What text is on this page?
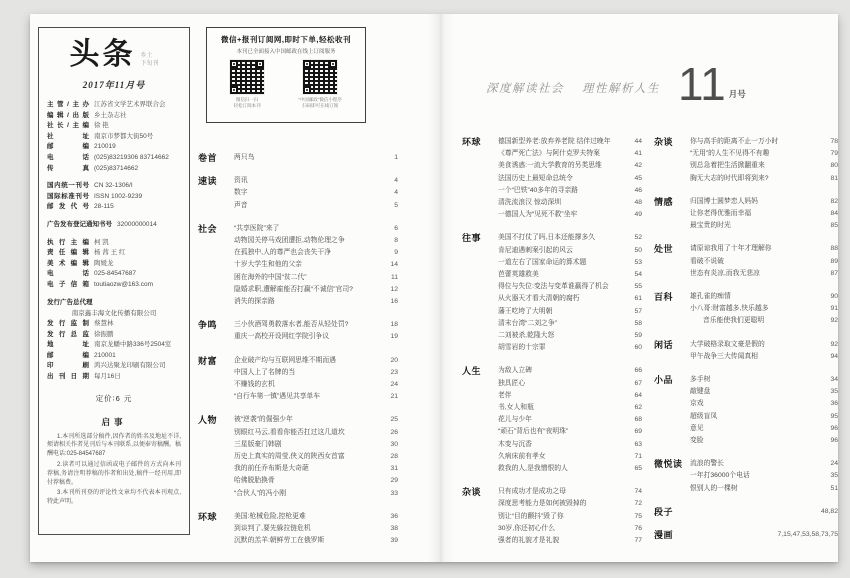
头条 乡土
下旬刊
2017年11月号
主管/主办 江苏省文学艺术界联合会
编辑/出版 乡土杂志社
社长/主编 徐 艳
社址 南京市梦都大街50号
邮编 210019
电话 (025)83219306 83714662
传真 (025)83714662
国内统一刊号 CN 32-1306/I
国际标准刊号 ISSN 1002-9239
邮发代号 28-115
广告发布登记通知书号 32000000014
执行主编 柯 凯
责任编辑 杨 茜 王 红
美术编辑 陶媛龙
电话 025-84547687
电子信箱 toutiaozw@163.com
发行广告总代理
南京鑫丰海文化传播有限公司
发行监制 蔡慧林
发行总监 徐振鹏
地址 南京龙蟠中路336号2504室
邮编 210001
印刷 鸿兴达聚龙印刷有限公司
出刊日期 每月16日
定价∶6 元
启事

1.本刊所选部分稿件,因作者的姓名及地址不详,烦请相关作者见刊后与本刊联系,以便奉寄稿酬。稿酬电话:025-84547687

2.读者可以通过信函或电子邮件的方式向本刊荐稿,务请注明荐稿的作者和出处,稿件一经刊用,即付荐稿费。

3.本刊所刊登的评论性文章均不代表本刊观点,特此声明。

微信+报刊订阅网,即时下单,轻松收刊
本刊已全面接入中国邮政在线上订阅服务
微信扫一扫
轻松订阅本刊
“中国邮政”微信小程序
扫码即可在线订阅
卷首	两只鸟	1
速读	资讯	4
数字	4
声音	5
社会	“共享医院”来了	6
动物园关停马戏团遭拒,动物伦理之争	8
在孤独中,人的尊严也会丧失干净	9
十岁大学生和他的父亲	14
困在海外的中国“贫二代”	11
隐婚求职,遭解雇能否打赢“不诚信”官司?	12
消失的探亲路	16
争鸣	三小伙酒驾勇救落水者,能否从轻处罚?	18
重庆一高校开设网红学院引争议	19
财富	企业破产均与互联网思维不期而遇	20
中国人上了名牌的当	23
不赚钱的玄机	24
“自行车第一镇”遇见共享单车	21
人物	被“逆袭”的倔强少年	25
别眼红马云,看看你能否扛过这几道坎	26
三星版豪门韩剧	30
历史上真实的周莹,侠义的陕西女首富	28
我的前任乔布斯是大奇葩	31
哈佛脱胎换骨	29
“合伙人”的冯小刚	33
环球	美国:枪械危险,控枪更难	36
到谈判了,要先躲拉链危机	38
沉默的羔羊:朝鲜劳工在俄罗斯	39
深度解读社会 理性解析人生 11 月号
环球	德国新型养老:放弃养老院 结伴过晚年	44
《尊严死亡法》与阿什克罗夫特案	41
美食诱惑:一流大学教育的另类思维	42
法国历史上最短命总统令	45
一个“巴铁”40多年的寻亲路	46
清洗流浪汉 惊动深圳	48
一德国人为“见死不救”坐牢	49
往事	美国不打仗了吗,日本还能撑多久	52
肯尼迪遇刺案引起的风云	50
一道左右了国家命运的算术题	53
芭蕾英雄救美	54
得位与失位:变法与变革谁赢得了机会	55
从火器天才看大清朝的腐朽	61
藩王吃垮了大明朝	57
清末台湾“二刘之争”	58
二刘被杀,乾隆大怒	59
胡雪岩的十宗罪	60
人生	为敌人立碑	66
独具匠心	67
老伴	64
书,女人和瓶	62
花儿与少年	68
“顽石”背后也有“夜明珠”	69
木变与沉香	63
久病床前有孝女	71
救我的人,是我憎恨的人	65
杂谈	只有成功才是成功之母	74
深度思考能力是如何被毁掉的	72
别让“目的颤抖”毁了你	75
30岁,你还初心什么	76
强者的礼貌才是礼貌	77
杂谈	你与高手的距离不止一万小时	78
“无用”的人生不见得不有趣	79
别总急着把生活掀翻重来	80
胸无大志的时代即将到来?	81
情感	归国博士圆梦恋人妈妈	82
让你老得优雅而幸福	84
最宝贵的时光	85
处世	请原谅我用了十年才理解你	88
看破不说破	89
世态有炎凉,而我无悲凉	87
百科	雄孔雀的痴情	90
小八哥:财富越多,快乐越多	91
音乐能使我们更聪明	92
闲话	大学破格录取文豪是假的	92
甲午战争三大传闻真相	94
小品	多手树	34
敲键盘	35
京戏	36
超级盲凤	95
意见	96
变脸	96
微悦读	流浪的警长	24
一年打36000个电话	35
恨别人的一棵树	51
段子	48,82
漫画	7,15,47,53,58,73,75
